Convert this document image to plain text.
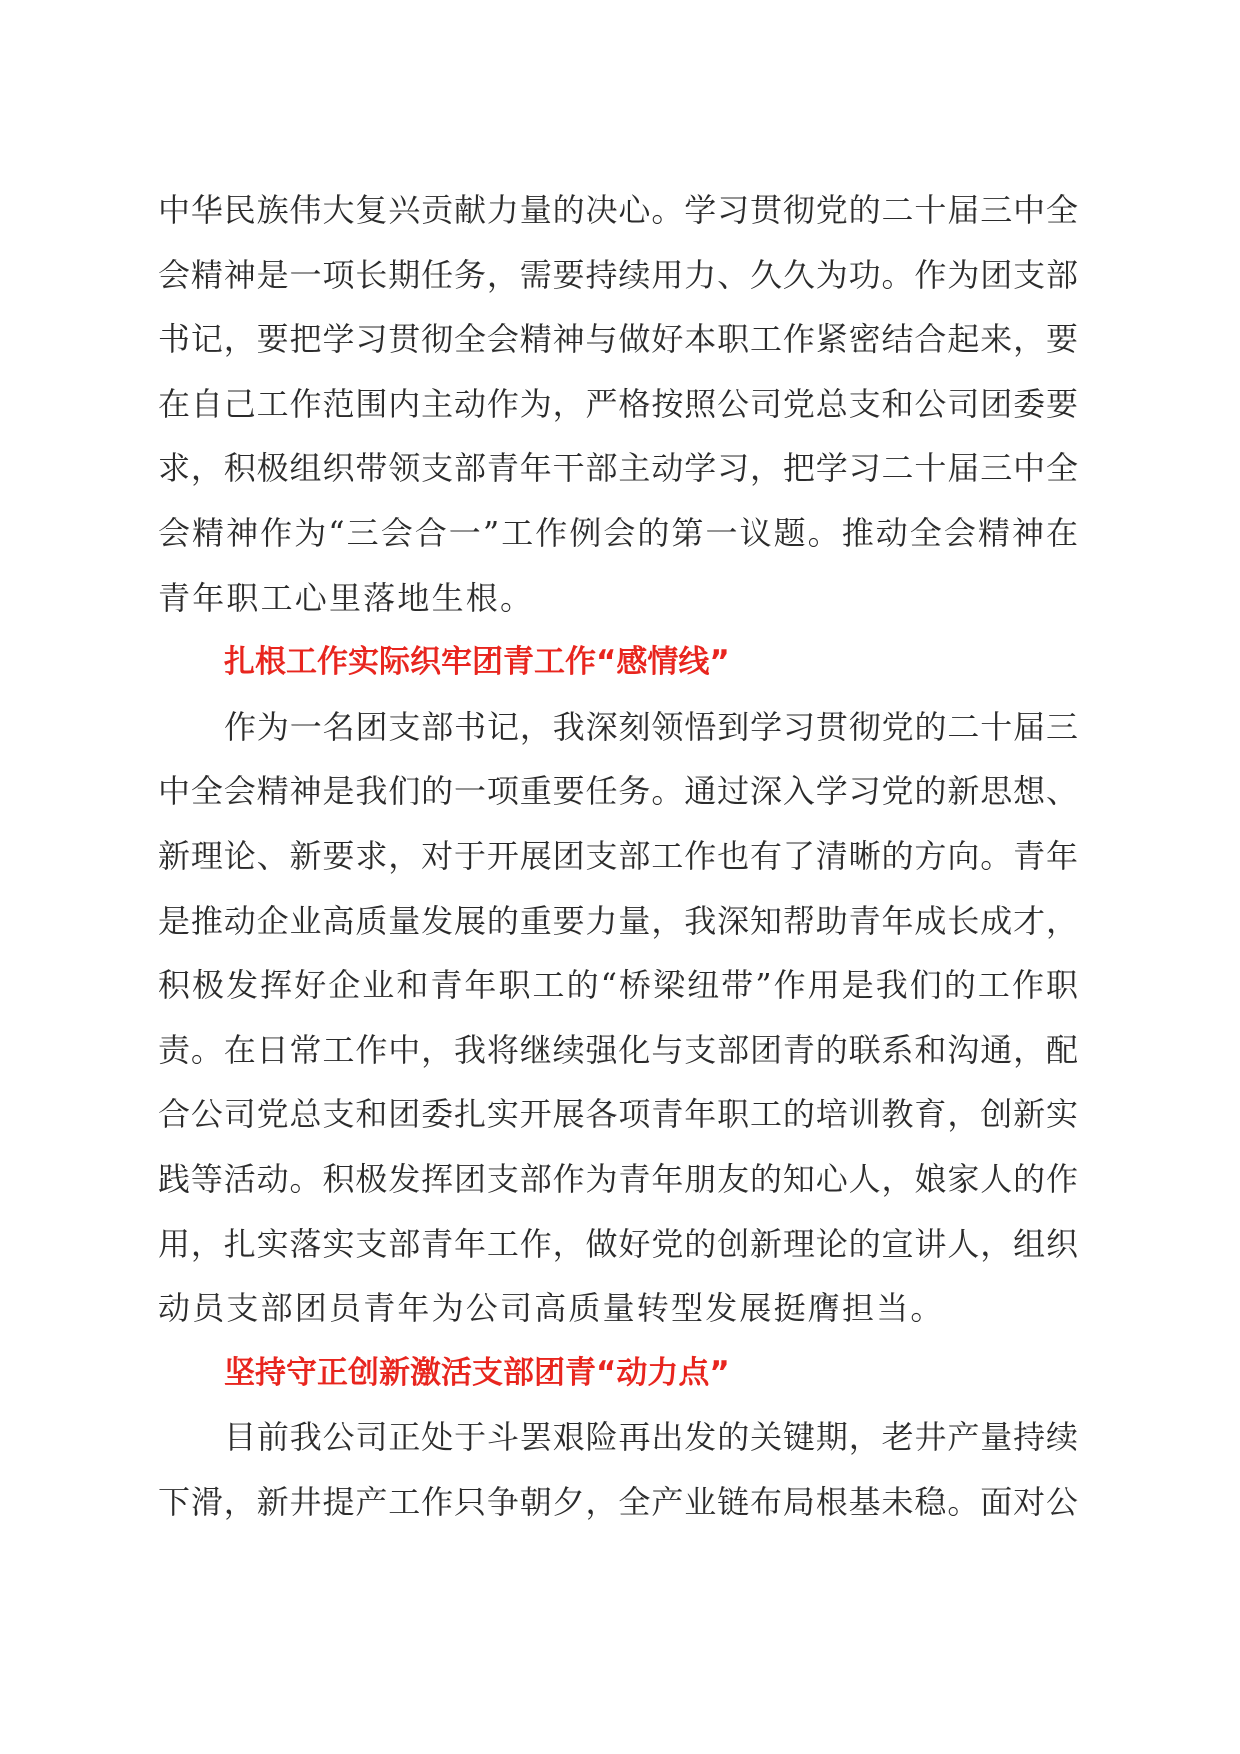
中华民族伟大复兴贡献力量的决心。学习贯彻党的二十届三中全
会精神是一项长期任务，需要持续用力、久久为功。作为团支部
书记，要把学习贯彻全会精神与做好本职工作紧密结合起来，要
在自己工作范围内主动作为，严格按照公司党总支和公司团委要
求，积极组织带领支部青年干部主动学习，把学习二十届三中全
会精神作为“三会合一”工作例会的第一议题。推动全会精神在
青年职工心里落地生根。
扎根工作实际织牢团青工作“感情线”
作为一名团支部书记，我深刻领悟到学习贯彻党的二十届三
中全会精神是我们的一项重要任务。通过深入学习党的新思想、
新理论、新要求，对于开展团支部工作也有了清晰的方向。青年
是推动企业高质量发展的重要力量，我深知帮助青年成长成才，
积极发挥好企业和青年职工的“桥梁纽带”作用是我们的工作职
责。在日常工作中，我将继续强化与支部团青的联系和沟通，配
合公司党总支和团委扎实开展各项青年职工的培训教育，创新实
践等活动。积极发挥团支部作为青年朋友的知心人，娘家人的作
用，扎实落实支部青年工作，做好党的创新理论的宣讲人，组织
动员支部团员青年为公司高质量转型发展挺膺担当。
坚持守正创新激活支部团青“动力点”
目前我公司正处于斗罢艰险再出发的关键期，老井产量持续
下滑，新井提产工作只争朝夕，全产业链布局根基未稳。面对公
